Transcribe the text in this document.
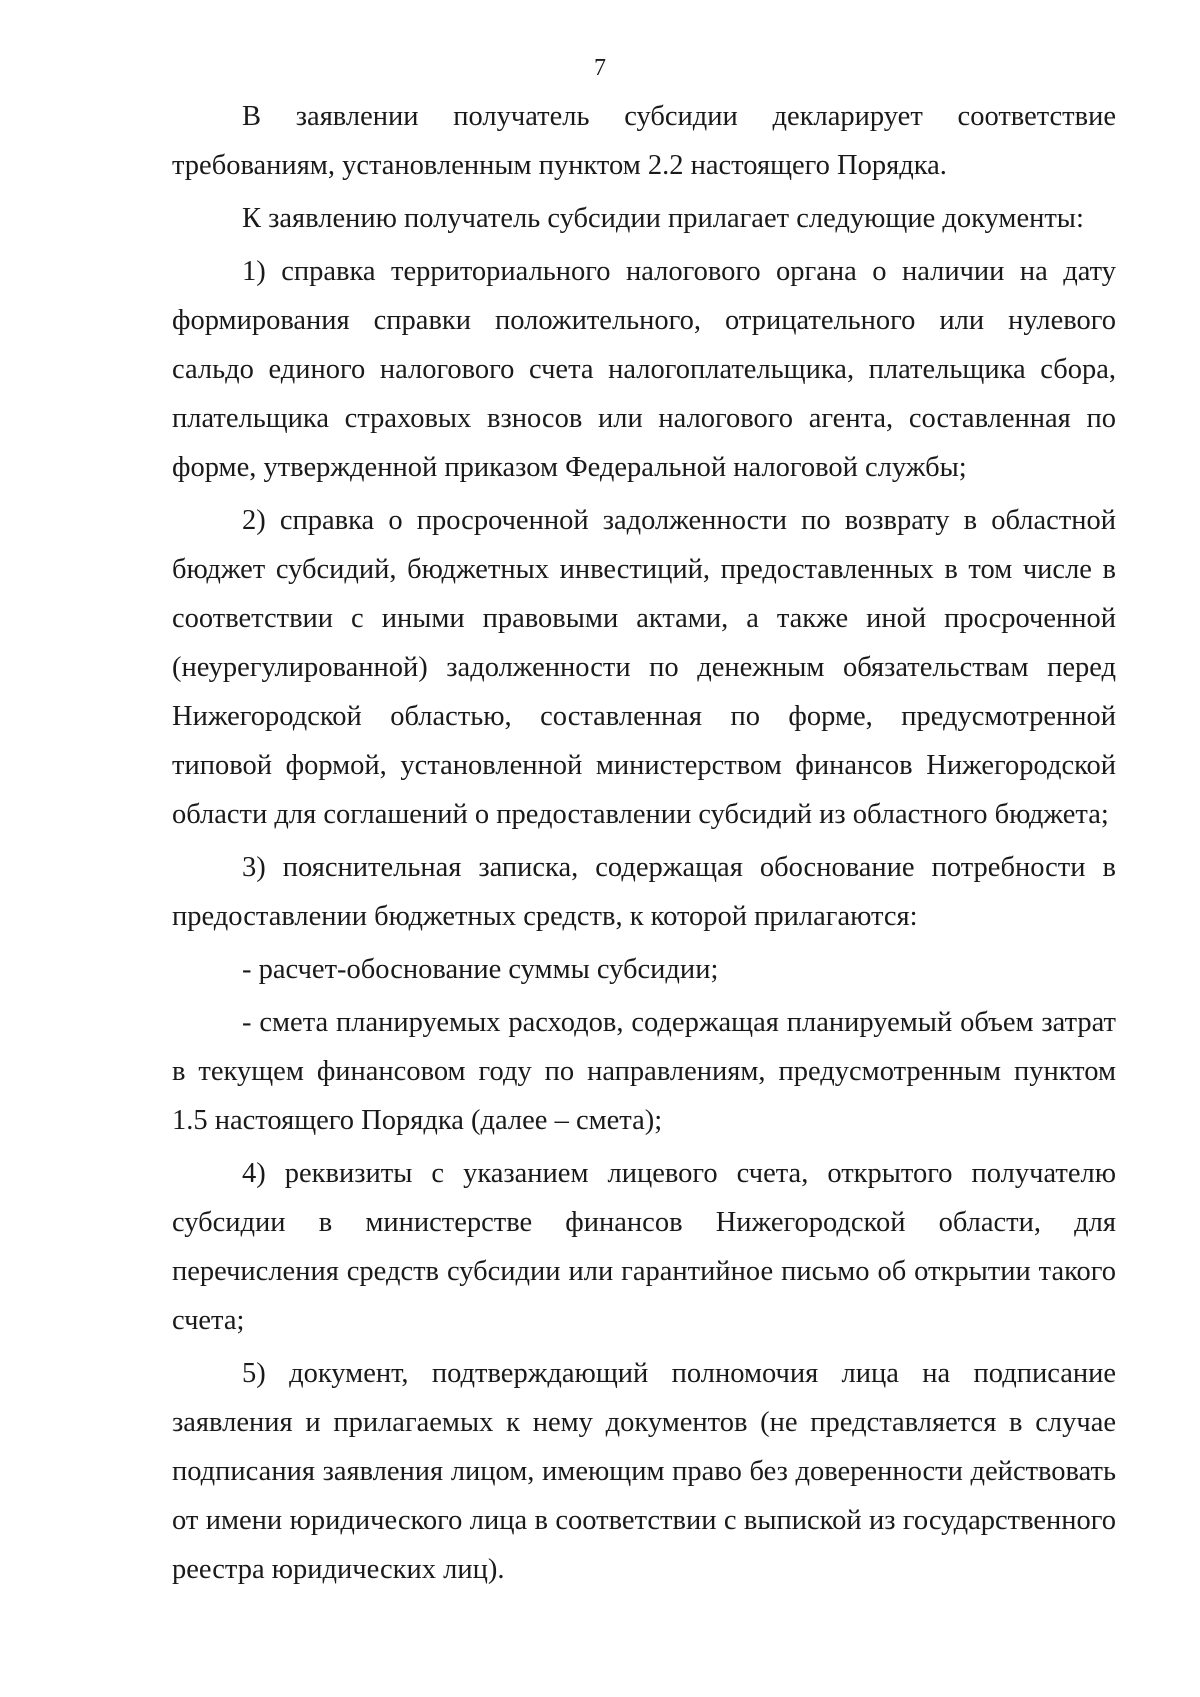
7

В заявлении получатель субсидии декларирует соответствие требованиям, установленным пунктом 2.2 настоящего Порядка.

К заявлению получатель субсидии прилагает следующие документы:

1) справка территориального налогового органа о наличии на дату формирования справки положительного, отрицательного или нулевого сальдо единого налогового счета налогоплательщика, плательщика сбора, плательщика страховых взносов или налогового агента, составленная по форме, утвержденной приказом Федеральной налоговой службы;

2) справка о просроченной задолженности по возврату в областной бюджет субсидий, бюджетных инвестиций, предоставленных в том числе в соответствии с иными правовыми актами, а также иной просроченной (неурегулированной) задолженности по денежным обязательствам перед Нижегородской областью, составленная по форме, предусмотренной типовой формой, установленной министерством финансов Нижегородской области для соглашений о предоставлении субсидий из областного бюджета;

3) пояснительная записка, содержащая обоснование потребности в предоставлении бюджетных средств, к которой прилагаются:

- расчет-обоснование суммы субсидии;

- смета планируемых расходов, содержащая планируемый объем затрат в текущем финансовом году по направлениям, предусмотренным пунктом 1.5 настоящего Порядка (далее – смета);

4) реквизиты с указанием лицевого счета, открытого получателю субсидии в министерстве финансов Нижегородской области, для перечисления средств субсидии или гарантийное письмо об открытии такого счета;

5) документ, подтверждающий полномочия лица на подписание заявления и прилагаемых к нему документов (не представляется в случае подписания заявления лицом, имеющим право без доверенности действовать от имени юридического лица в соответствии с выпиской из государственного реестра юридических лиц).
